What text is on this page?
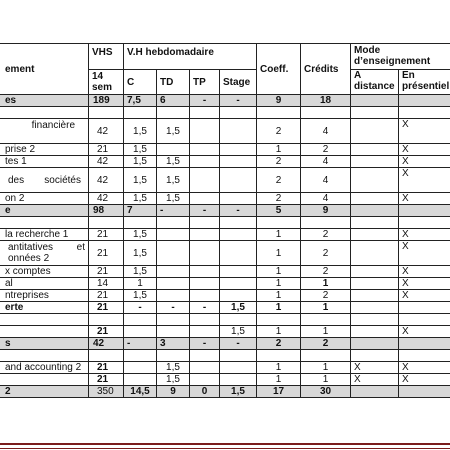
ement	VHS	V.H hebdomadaire				Coeff.	Crédits	Mode d’enseignement	
	14 sem	C	TD	TP	Stage			A distance	En présentiel
es	189	7,5	6	-	-	9	18		

financière	42	1,5	1,5			2	4		X
prise 2	21	1,5				1	2		X
tes 1	42	1,5	1,5			2	4		X

des sociétés	42	1,5	1,5			2	4		X
on 2	42	1,5	1,5			2	4		X
e	98	7	-	-	-	5	9		

la recherche 1	21	1,5				1	2		X

antitatives et
onnées 2	21	1,5				1	2		X
x comptes	21	1,5				1	2		X
al	14	1				1	1		X
ntreprises	21	1,5				1	2		X
erte	21	-	-	-	1,5	1	1		

	21				1,5	1	1		X
s	42	-	3	-	-	2	2		

and accounting 2	21		1,5			1	1	X	X
	21		1,5			1	1	X	X
2	350	14,5	9	0	1,5	17	30		
